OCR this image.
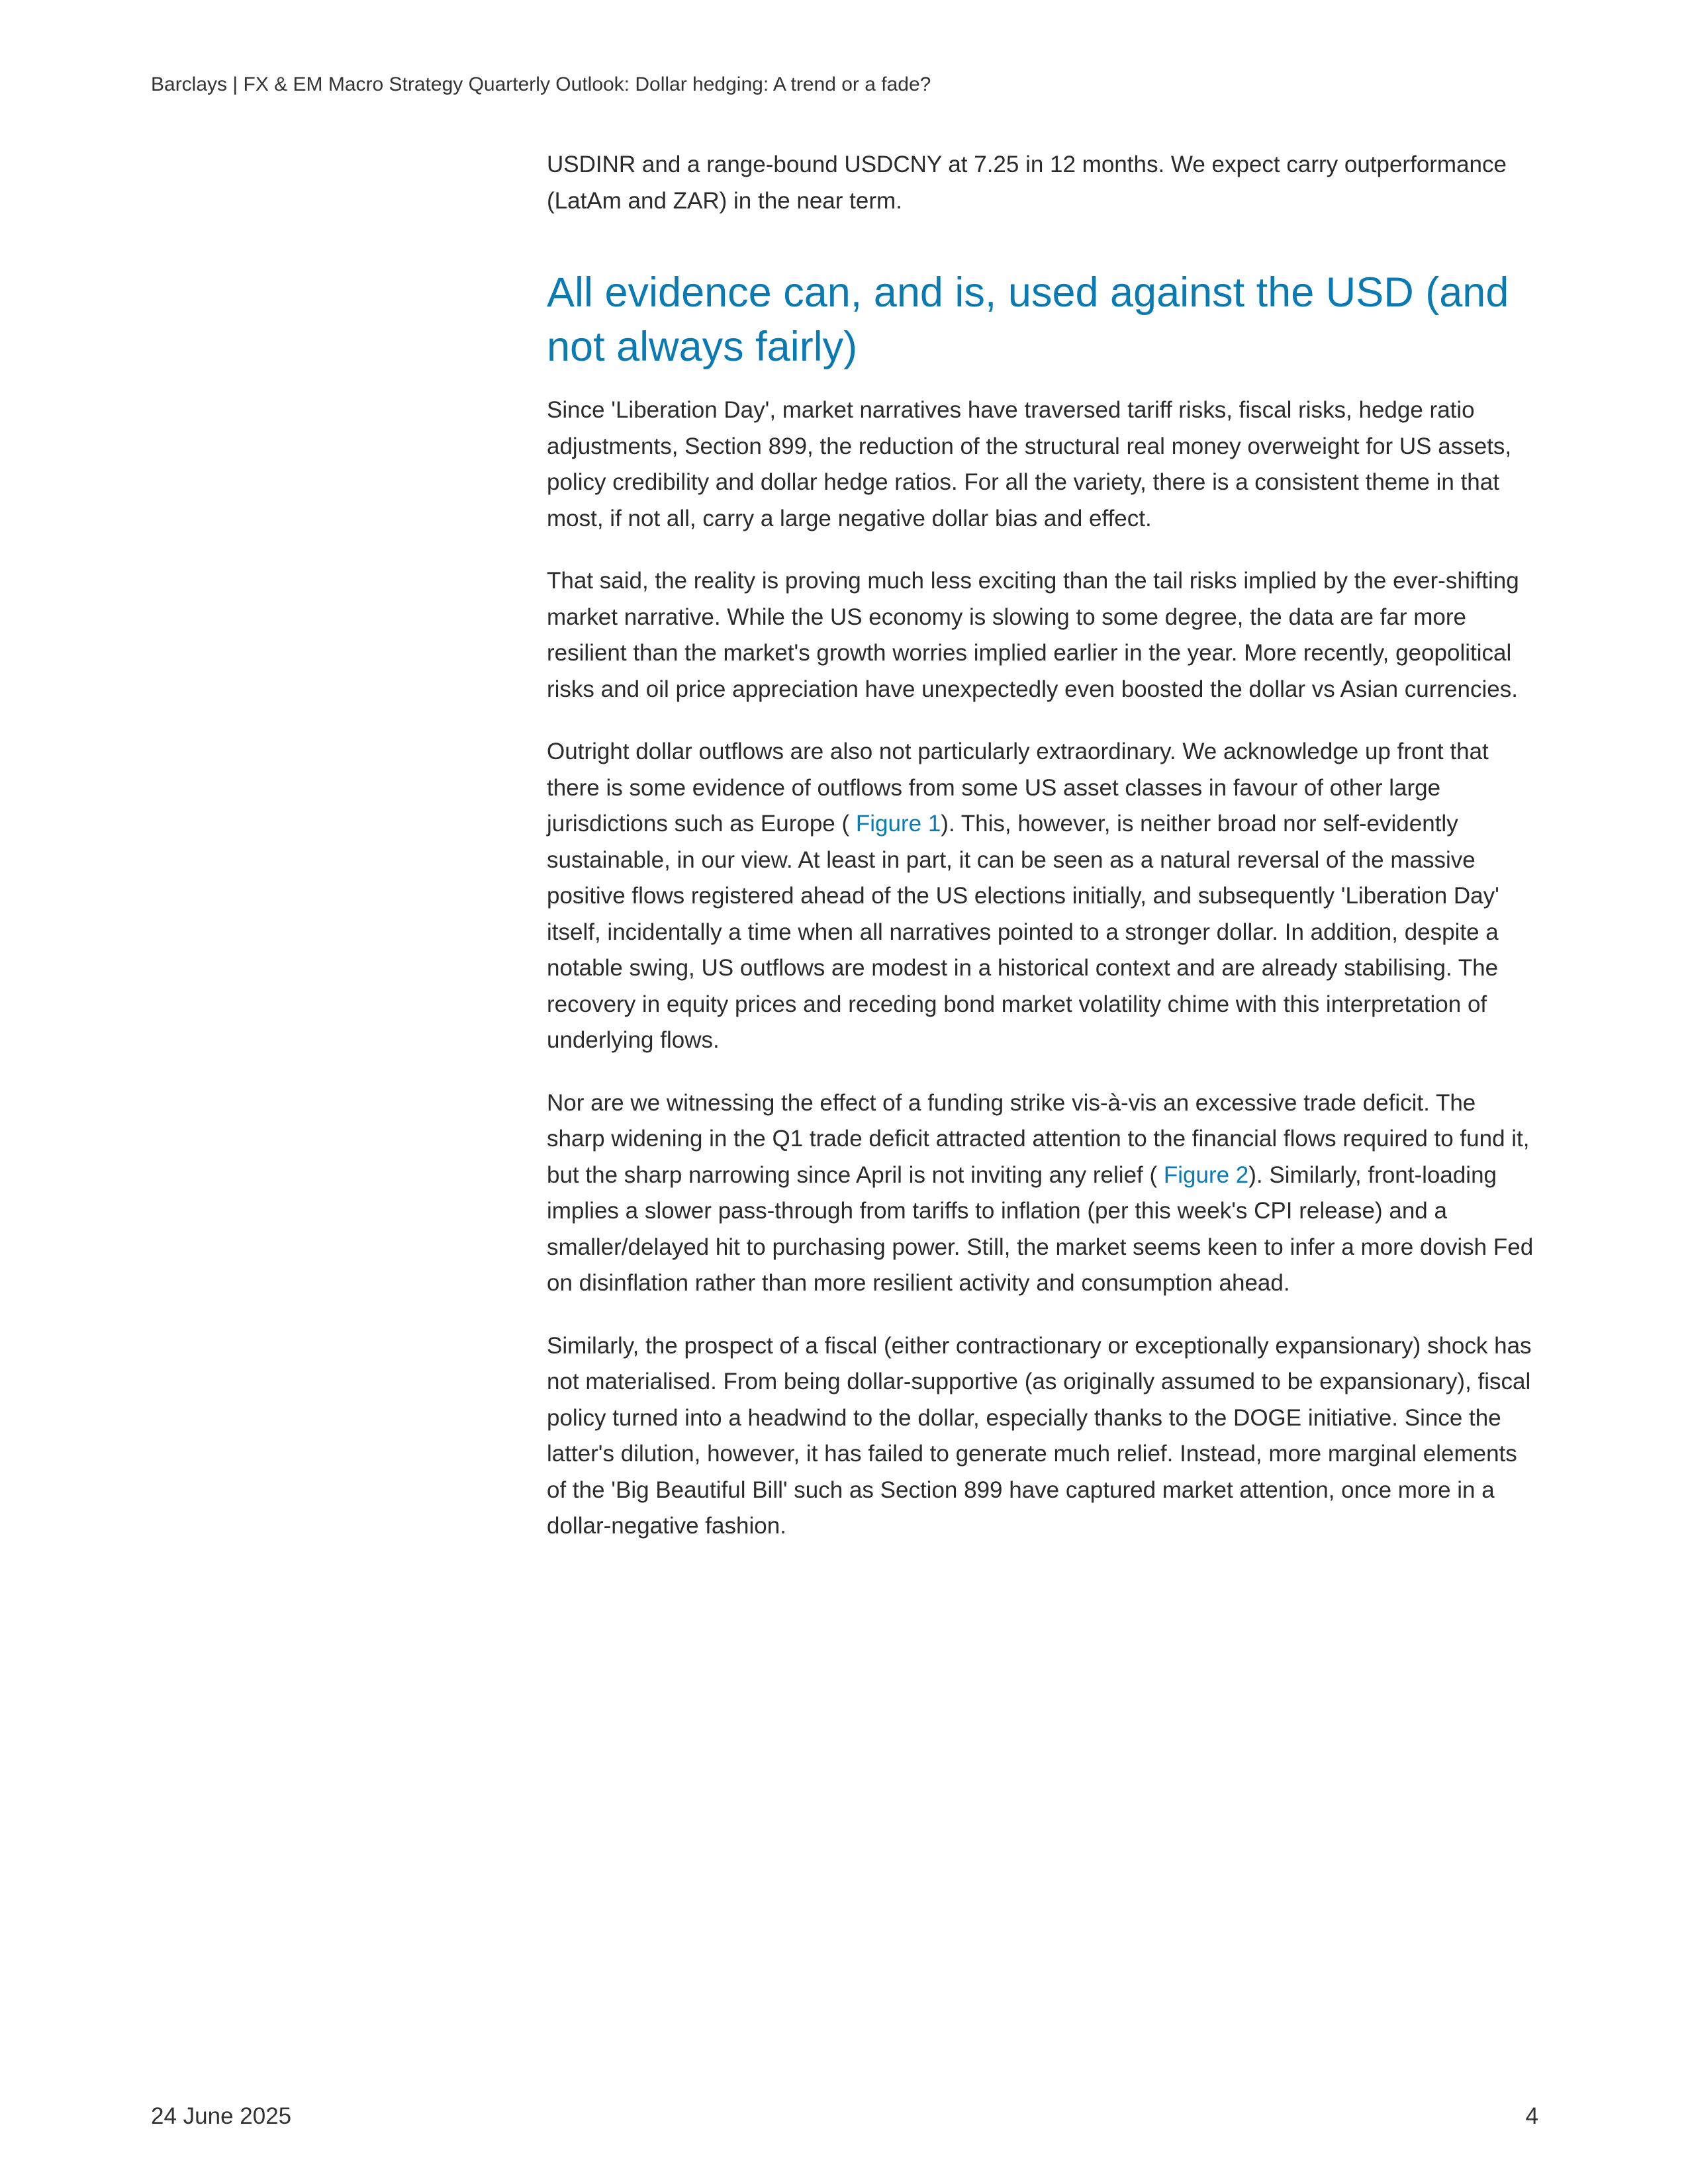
Barclays | FX & EM Macro Strategy Quarterly Outlook: Dollar hedging: A trend or a fade?

USDINR and a range-bound USDCNY at 7.25 in 12 months. We expect carry outperformance (LatAm and ZAR) in the near term.

All evidence can, and is, used against the USD (and not always fairly)

Since 'Liberation Day', market narratives have traversed tariff risks, fiscal risks, hedge ratio adjustments, Section 899, the reduction of the structural real money overweight for US assets, policy credibility and dollar hedge ratios. For all the variety, there is a consistent theme in that most, if not all, carry a large negative dollar bias and effect.

That said, the reality is proving much less exciting than the tail risks implied by the ever-shifting market narrative. While the US economy is slowing to some degree, the data are far more resilient than the market's growth worries implied earlier in the year. More recently, geopolitical risks and oil price appreciation have unexpectedly even boosted the dollar vs Asian currencies.

Outright dollar outflows are also not particularly extraordinary. We acknowledge up front that there is some evidence of outflows from some US asset classes in favour of other large jurisdictions such as Europe ( Figure 1). This, however, is neither broad nor self-evidently sustainable, in our view. At least in part, it can be seen as a natural reversal of the massive positive flows registered ahead of the US elections initially, and subsequently 'Liberation Day' itself, incidentally a time when all narratives pointed to a stronger dollar. In addition, despite a notable swing, US outflows are modest in a historical context and are already stabilising. The recovery in equity prices and receding bond market volatility chime with this interpretation of underlying flows.

Nor are we witnessing the effect of a funding strike vis-à-vis an excessive trade deficit. The sharp widening in the Q1 trade deficit attracted attention to the financial flows required to fund it, but the sharp narrowing since April is not inviting any relief ( Figure 2). Similarly, front-loading implies a slower pass-through from tariffs to inflation (per this week's CPI release) and a smaller/delayed hit to purchasing power. Still, the market seems keen to infer a more dovish Fed on disinflation rather than more resilient activity and consumption ahead.

Similarly, the prospect of a fiscal (either contractionary or exceptionally expansionary) shock has not materialised. From being dollar-supportive (as originally assumed to be expansionary), fiscal policy turned into a headwind to the dollar, especially thanks to the DOGE initiative. Since the latter's dilution, however, it has failed to generate much relief. Instead, more marginal elements of the 'Big Beautiful Bill' such as Section 899 have captured market attention, once more in a dollar-negative fashion.

24 June 2025	4
